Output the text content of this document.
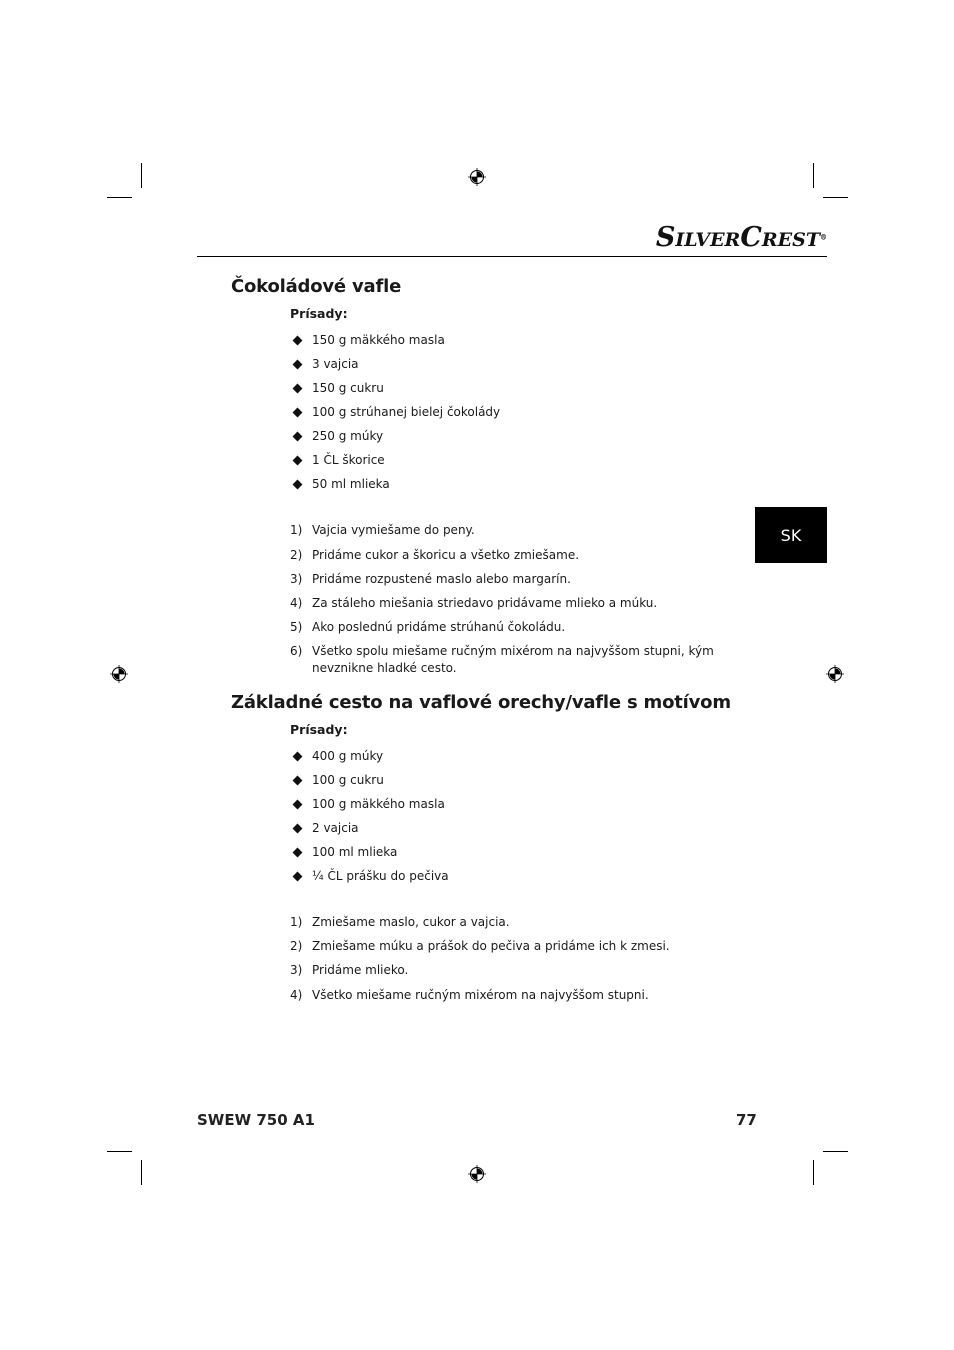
SILVERCREST®
SK
Čokoládové vafle
Prísady:
150 g mäkkého masla
3 vajcia
150 g cukru
100 g strúhanej bielej čokolády
250 g múky
1 ČL škorice
50 ml mlieka
1) Vajcia vymiešame do peny.
2) Pridáme cukor a škoricu a všetko zmiešame.
3) Pridáme rozpustené maslo alebo margarín.
4) Za stáleho miešania striedavo pridávame mlieko a múku.
5) Ako poslednú pridáme strúhanú čokoládu.
6) Všetko spolu miešame ručným mixérom na najvyššom stupni, kým nevznikne hladké cesto.
Základné cesto na vaflové orechy/vafle s motívom
Prísady:
400 g múky
100 g cukru
100 g mäkkého masla
2 vajcia
100 ml mlieka
¼ ČL prášku do pečiva
1) Zmiešame maslo, cukor a vajcia.
2) Zmiešame múku a prášok do pečiva a pridáme ich k zmesi.
3) Pridáme mlieko.
4) Všetko miešame ručným mixérom na najvyššom stupni.
SWEW 750 A1	77
